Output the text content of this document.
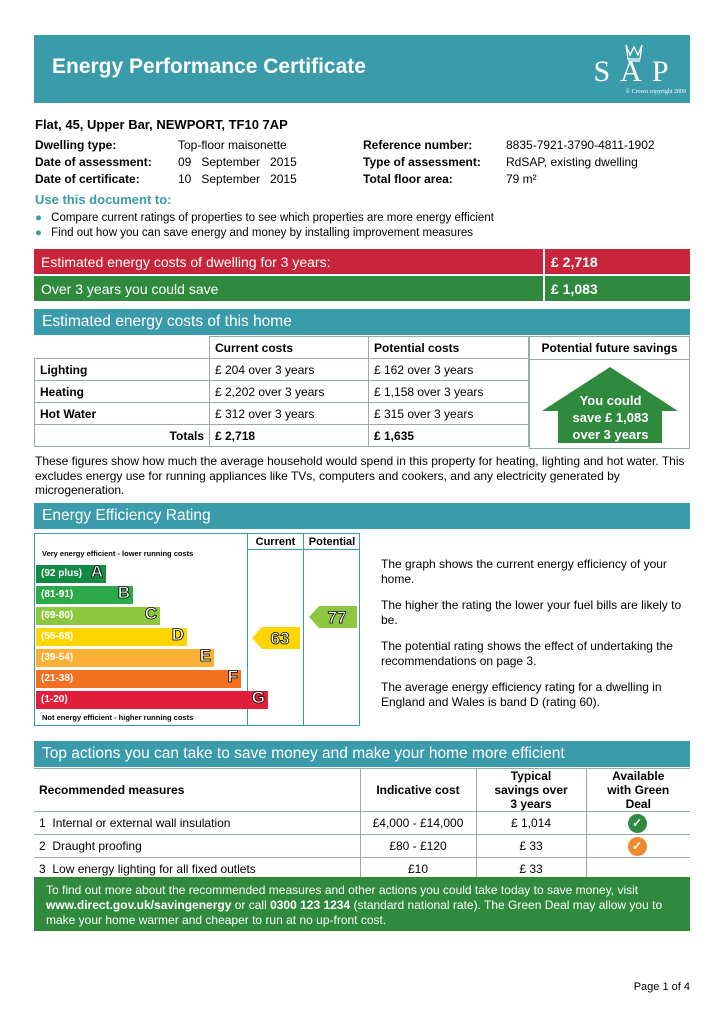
Energy Performance Certificate	SAP
© Crown copyright 2009
Flat, 45, Upper Bar, NEWPORT, TF10 7AP
Dwelling type:	Top-floor maisonette
Date of assessment: 09   September   2015
Date of certificate:	10   September   2015
Reference number:	8835-7921-3790-4811-1902
Type of assessment: RdSAP, existing dwelling
Total floor area:	79 m²
Use this document to:
● Compare current ratings of properties to see which properties are more energy efficient
● Find out how you can save energy and money by installing improvement measures
Estimated energy costs of dwelling for 3 years:	£ 2,718
Over 3 years you could save	£ 1,083
Estimated energy costs of this home
	Current costs	Potential costs
Lighting	£ 204 over 3 years	£ 162 over 3 years
Heating	£ 2,202 over 3 years	£ 1,158 over 3 years
Hot Water	£ 312 over 3 years	£ 315 over 3 years
Totals	£ 2,718	£ 1,635
Potential future savings
You could
save £ 1,083
over 3 years
These figures show how much the average household would spend in this property for heating, lighting and hot water. This excludes energy use for running appliances like TVs, computers and cookers, and any electricity generated by microgeneration.
Energy Efficiency Rating
Current	Potential
Very energy efficient - lower running costs
Not energy efficient - higher running costs
(92 plus) A
(81-91)	B
(69-80)	C
(55-68)	D
(39-54)	E
(21-38)	F
(1-20)	G
63
77
The graph shows the current energy efficiency of your home.
The higher the rating the lower your fuel bills are likely to be.
The potential rating shows the effect of undertaking the recommendations on page 3.
The average energy efficiency rating for a dwelling in England and Wales is band D (rating 60).
Top actions you can take to save money and make your home more efficient
Recommended measures	Indicative cost	Typical savings over 3 years	Available with Green Deal
1 Internal or external wall insulation	£4,000 - £14,000	£ 1,014	✓

2 Draught proofing	£80 - £120	£ 33	✓

3 Low energy lighting for all fixed outlets	£10	£ 33	
To find out more about the recommended measures and other actions you could take today to save money, visit www.direct.gov.uk/savingenergy or call 0300 123 1234 (standard national rate). The Green Deal may allow you to make your home warmer and cheaper to run at no up-front cost.
Page 1 of 4
